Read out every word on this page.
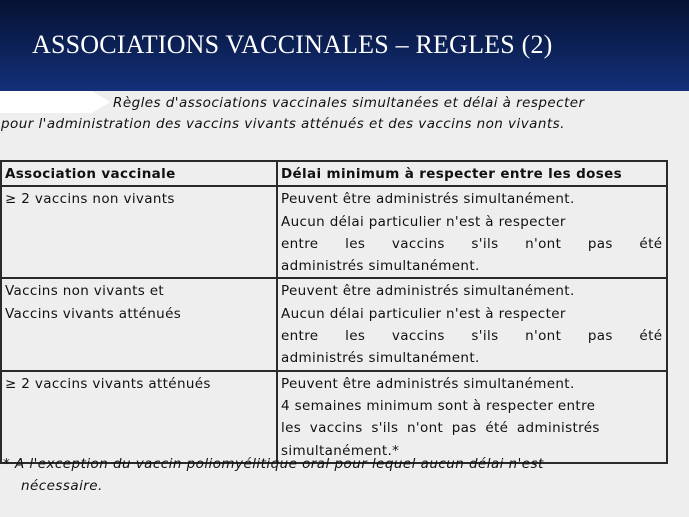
ASSOCIATIONS VACCINALES – REGLES (2)
Règles d'associations vaccinales simultanées et délai à respecter
pour l'administration des vaccins vivants atténués et des vaccins non vivants.
Association vaccinale	Délai minimum à respecter entre les doses

≥ 2 vaccins non vivants	Peuvent être administrés simultanément.
Aucun délai particulier n'est à respecter
entre les vaccins s'ils n'ont pas été
administrés simultanément.

Vaccins non vivants et
Vaccins vivants atténués	Peuvent être administrés simultanément.
Aucun délai particulier n'est à respecter
entre les vaccins s'ils n'ont pas été
administrés simultanément.

≥ 2 vaccins vivants atténués	Peuvent être administrés simultanément.
4 semaines minimum sont à respecter entre
les vaccins s'ils n'ont pas été administrés
simultanément.*
* A l'exception du vaccin poliomyélitique oral pour lequel aucun délai n'est
nécessaire.
